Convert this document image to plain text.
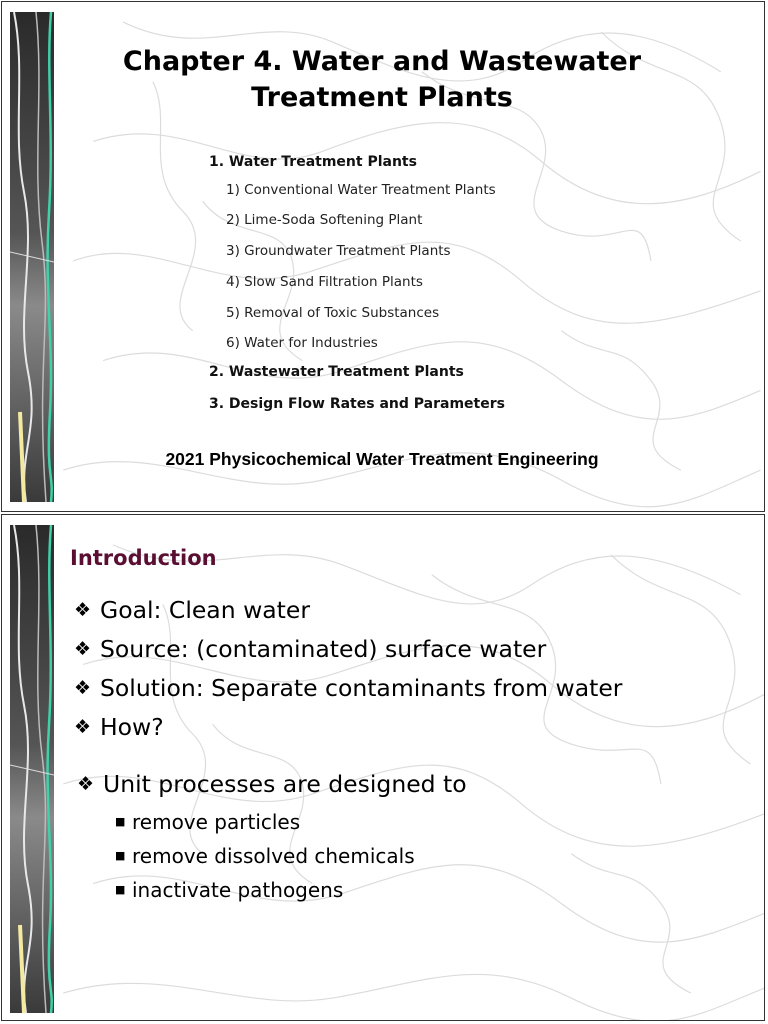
Chapter 4. Water and Wastewater
Treatment Plants
1. Water Treatment Plants
1) Conventional Water Treatment Plants
2) Lime-Soda Softening Plant
3) Groundwater Treatment Plants
4) Slow Sand Filtration Plants
5) Removal of Toxic Substances
6) Water for Industries
2. Wastewater Treatment Plants
3. Design Flow Rates and Parameters
2021 Physicochemical Water Treatment Engineering
Introduction
❖ Goal: Clean water
❖ Source: (contaminated) surface water
❖ Solution: Separate contaminants from water
❖ How?
❖ Unit processes are designed to
■ remove particles
■ remove dissolved chemicals
■ inactivate pathogens
